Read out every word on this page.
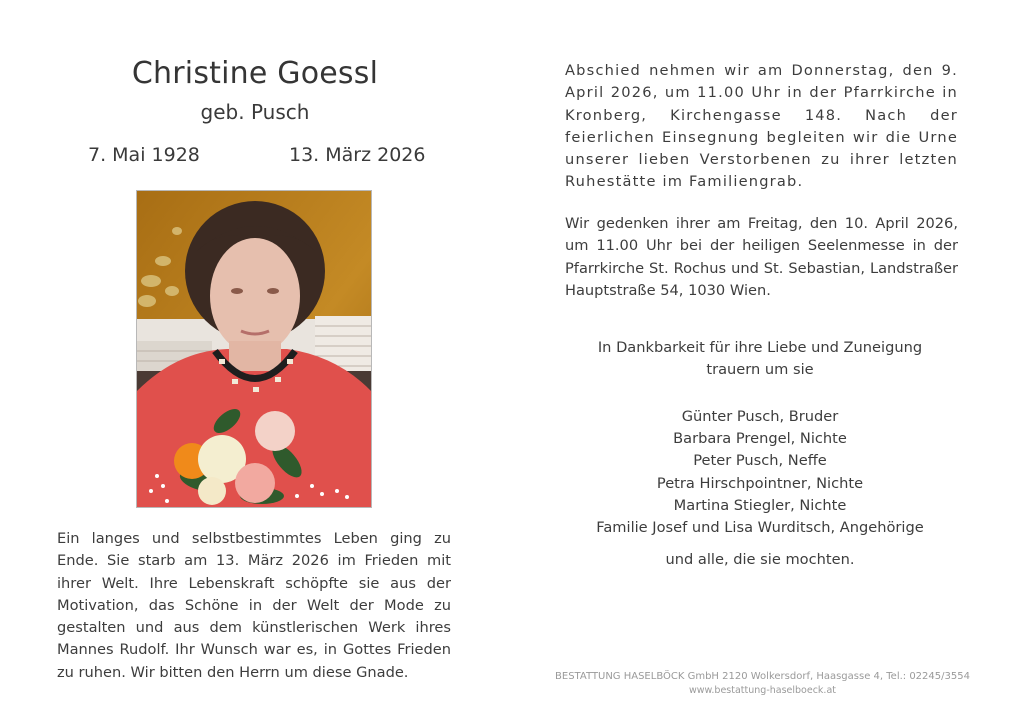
Christine Goessl
geb. Pusch
7. Mai 1928	13. März 2026

Ein langes und selbstbestimmtes Leben ging zu Ende. Sie starb am 13. März 2026 im Frieden mit ihrer Welt. Ihre Lebenskraft schöpfte sie aus der Motivation, das Schöne in der Welt der Mode zu gestalten und aus dem künstlerischen Werk ihres Mannes Rudolf. Ihr Wunsch war es, in Gottes Frieden zu ruhen. Wir bitten den Herrn um diese Gnade.

Abschied nehmen wir am Donnerstag, den 9. April 2026, um 11.00 Uhr in der Pfarrkirche in Kronberg, Kirchengasse 148. Nach der feierlichen Einsegnung begleiten wir die Urne unserer lieben Verstorbenen zu ihrer letzten Ruhestätte im Familiengrab.

Wir gedenken ihrer am Freitag, den 10. April 2026, um 11.00 Uhr bei der heiligen Seelenmesse in der Pfarrkirche St. Rochus und St. Sebastian, Landstraßer Hauptstraße 54, 1030 Wien.

In Dankbarkeit für ihre Liebe und Zuneigung
trauern um sie
Günter Pusch, Bruder
Barbara Prengel, Nichte
Peter Pusch, Neffe
Petra Hirschpointner, Nichte
Martina Stiegler, Nichte
Familie Josef und Lisa Wurditsch, Angehörige
und alle, die sie mochten.
BESTATTUNG HASELBÖCK GmbH 2120 Wolkersdorf, Haasgasse 4, Tel.: 02245/3554
www.bestattung-haselboeck.at
